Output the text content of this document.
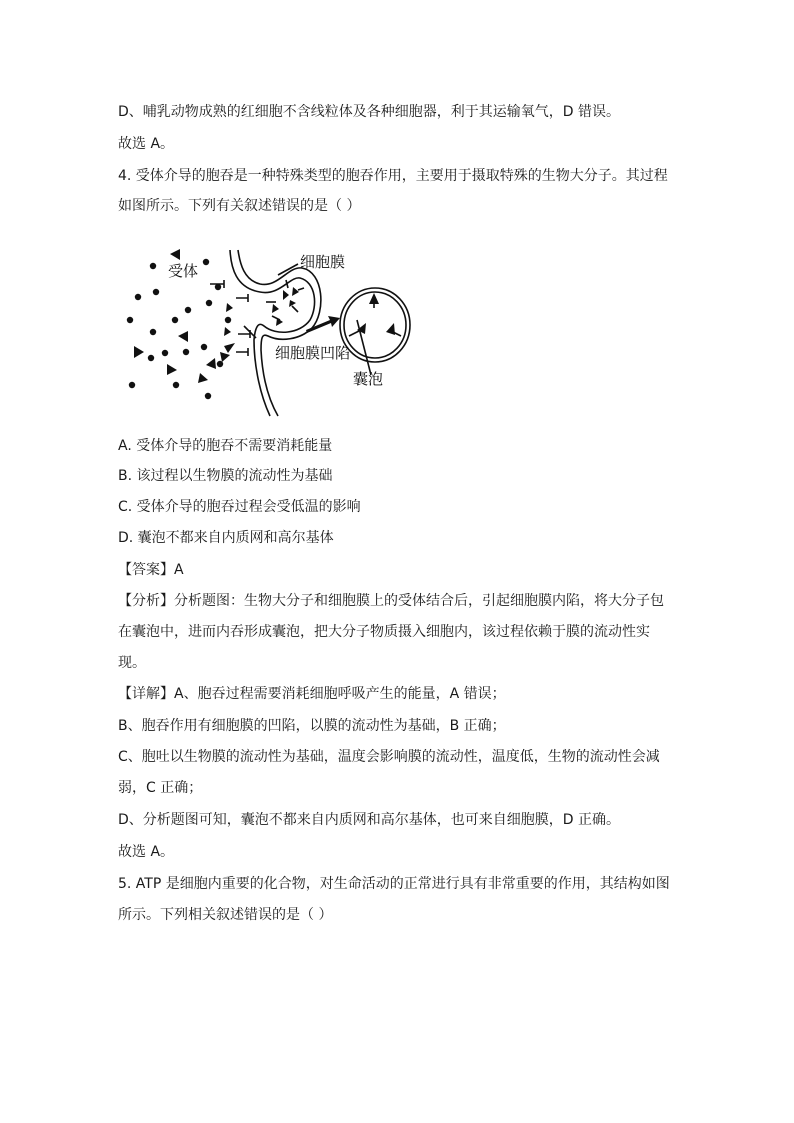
D、哺乳动物成熟的红细胞不含线粒体及各种细胞器，利于其运输氧气，D 错误。
故选 A。
4. 受体介导的胞吞是一种特殊类型的胞吞作用，主要用于摄取特殊的生物大分子。其过程
如图所示。下列有关叙述错误的是（ ）
受体	细胞膜
细胞膜凹陷
囊泡
A. 受体介导的胞吞不需要消耗能量
B. 该过程以生物膜的流动性为基础
C. 受体介导的胞吞过程会受低温的影响
D. 囊泡不都来自内质网和高尔基体
【答案】A
【分析】分析题图：生物大分子和细胞膜上的受体结合后，引起细胞膜内陷，将大分子包
在囊泡中，进而内吞形成囊泡，把大分子物质摄入细胞内，该过程依赖于膜的流动性实
现。
【详解】A、胞吞过程需要消耗细胞呼吸产生的能量，A 错误；
B、胞吞作用有细胞膜的凹陷，以膜的流动性为基础，B 正确；
C、胞吐以生物膜的流动性为基础，温度会影响膜的流动性，温度低，生物的流动性会减
弱，C 正确；
D、分析题图可知，囊泡不都来自内质网和高尔基体，也可来自细胞膜，D 正确。
故选 A。
5. ATP 是细胞内重要的化合物，对生命活动的正常进行具有非常重要的作用，其结构如图
所示。下列相关叙述错误的是（ ）
